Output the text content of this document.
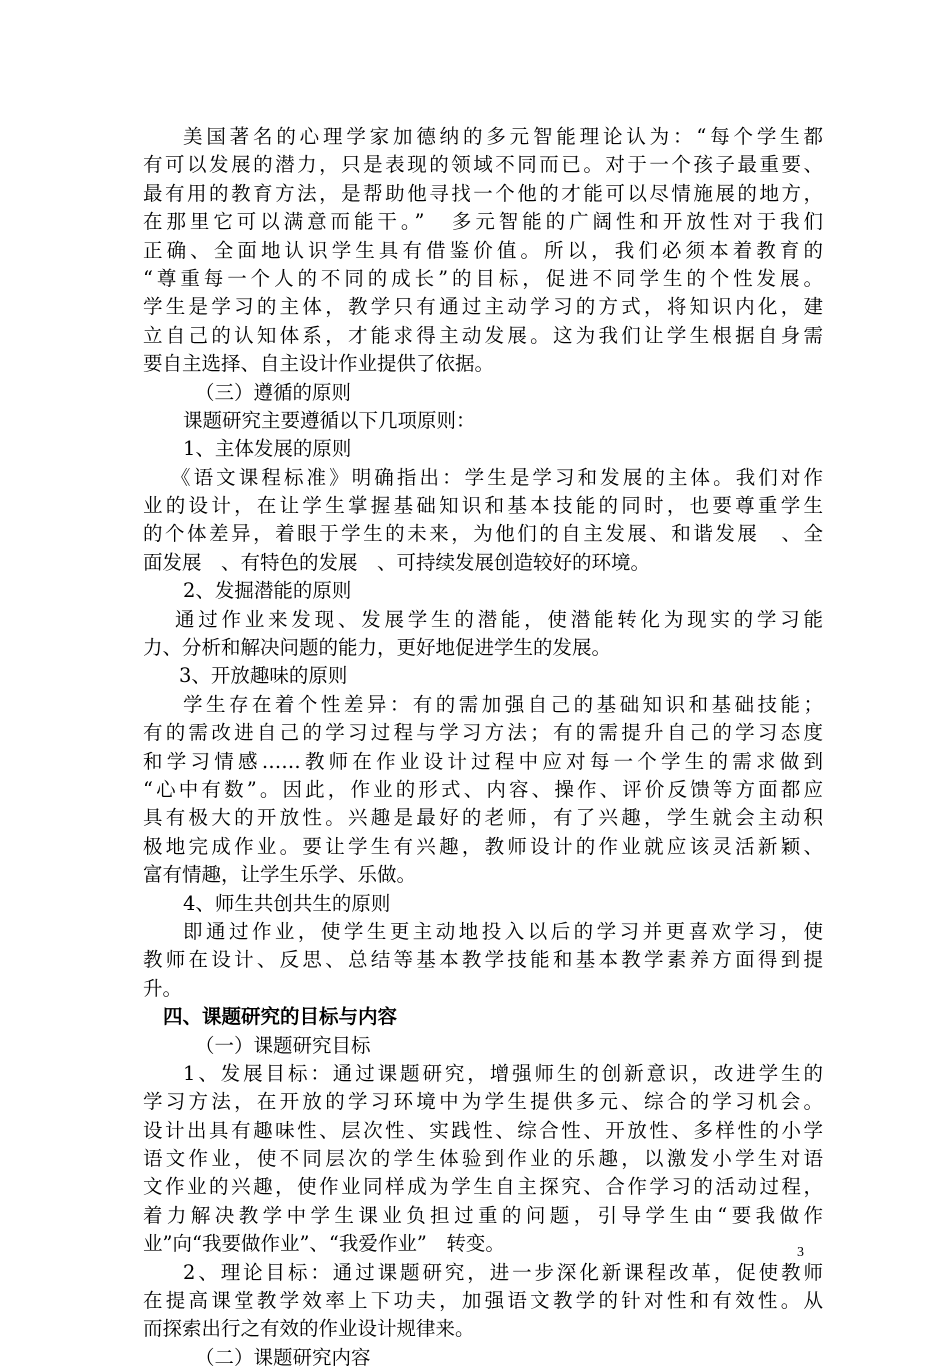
美国著名的心理学家加德纳的多元智能理论认为：“每个学生都
有可以发展的潜力，只是表现的领域不同而已。对于一个孩子最重要、
最有用的教育方法，是帮助他寻找一个他的才能可以尽情施展的地方，
在那里它可以满意而能干。”　多元智能的广阔性和开放性对于我们
正确、全面地认识学生具有借鉴价值。所以，我们必须本着教育的
“尊重每一个人的不同的成长”的目标，促进不同学生的个性发展。
学生是学习的主体，教学只有通过主动学习的方式，将知识内化，建
立自己的认知体系，才能求得主动发展。这为我们让学生根据自身需
要自主选择、自主设计作业提供了依据。
（三）遵循的原则
课题研究主要遵循以下几项原则：
1、主体发展的原则
《语文课程标准》明确指出：学生是学习和发展的主体。我们对作
业的设计，在让学生掌握基础知识和基本技能的同时，也要尊重学生
的个体差异，着眼于学生的未来，为他们的自主发展、和谐发展　、全
面发展　、有特色的发展　、可持续发展创造较好的环境。
2、发掘潜能的原则
通过作业来发现、发展学生的潜能，使潜能转化为现实的学习能
力、分析和解决问题的能力，更好地促进学生的发展。
3、开放趣味的原则
学生存在着个性差异：有的需加强自己的基础知识和基础技能；
有的需改进自己的学习过程与学习方法；有的需提升自己的学习态度
和学习情感……教师在作业设计过程中应对每一个学生的需求做到
“心中有数”。因此，作业的形式、内容、操作、评价反馈等方面都应
具有极大的开放性。兴趣是最好的老师，有了兴趣，学生就会主动积
极地完成作业。要让学生有兴趣，教师设计的作业就应该灵活新颖、
富有情趣，让学生乐学、乐做。
4、师生共创共生的原则
即通过作业，使学生更主动地投入以后的学习并更喜欢学习，使
教师在设计、反思、总结等基本教学技能和基本教学素养方面得到提
升。
四、课题研究的目标与内容
（一）课题研究目标
1、发展目标：通过课题研究，增强师生的创新意识，改进学生的
学习方法，在开放的学习环境中为学生提供多元、综合的学习机会。
设计出具有趣味性、层次性、实践性、综合性、开放性、多样性的小学
语文作业，使不同层次的学生体验到作业的乐趣，以激发小学生对语
文作业的兴趣，使作业同样成为学生自主探究、合作学习的活动过程，
着力解决教学中学生课业负担过重的问题，引导学生由“要我做作
业”向“我要做作业”、“我爱作业”　转变。
2、理论目标：通过课题研究，进一步深化新课程改革，促使教师
在提高课堂教学效率上下功夫，加强语文教学的针对性和有效性。从
而探索出行之有效的作业设计规律来。
（二）课题研究内容
3
